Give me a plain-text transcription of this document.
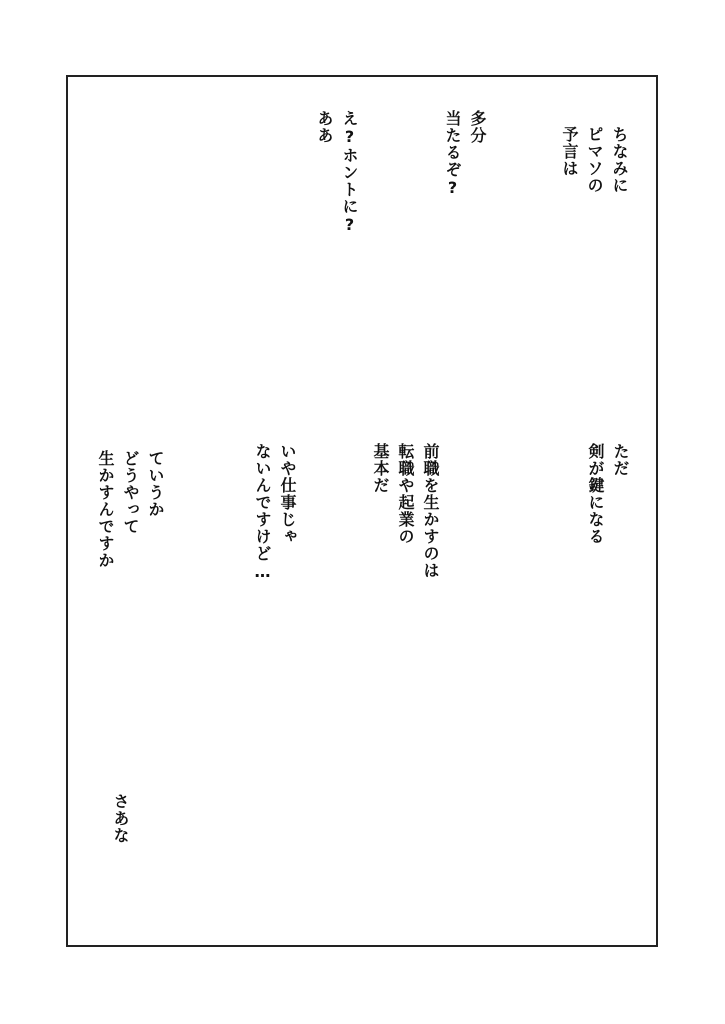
ちなみに
ピマソの
予言は
多分
当たるぞ?
え?ホントに?
ああ
ただ
剣が鍵になる
前職を生かすのは
転職や起業の
基本だ
いや仕事じゃ
ないんですけど…
ていうか
どうやって
生かすんですか
さあな
